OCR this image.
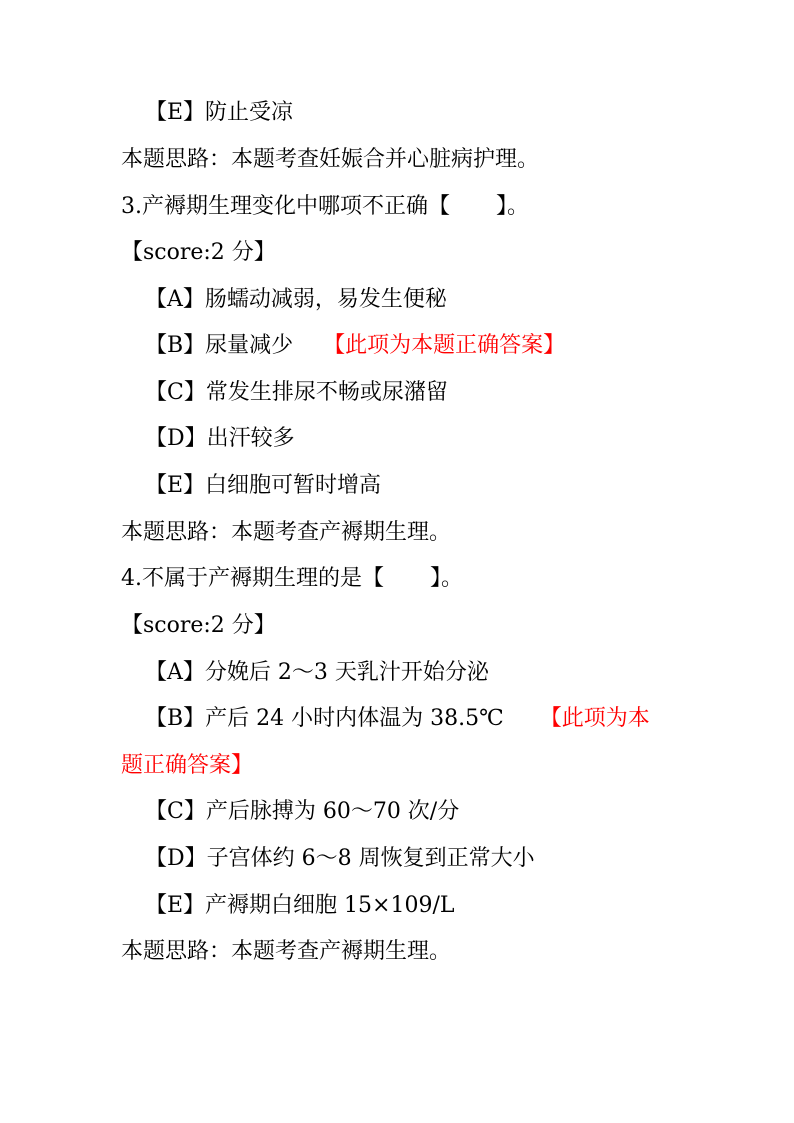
【E】防止受凉
本题思路：本题考查妊娠合并心脏病护理。
3.产褥期生理变化中哪项不正确【 】。
【score:2 分】
【A】肠蠕动减弱，易发生便秘
【B】尿量减少 【此项为本题正确答案】
【C】常发生排尿不畅或尿潴留
【D】出汗较多
【E】白细胞可暂时增高
本题思路：本题考查产褥期生理。
4.不属于产褥期生理的是【 】。
【score:2 分】
【A】分娩后 2～3 天乳汁开始分泌
【B】产后 24 小时内体温为 38.5℃ 【此项为本
题正确答案】
【C】产后脉搏为 60～70 次/分
【D】子宫体约 6～8 周恢复到正常大小
【E】产褥期白细胞 15×109/L
本题思路：本题考查产褥期生理。
